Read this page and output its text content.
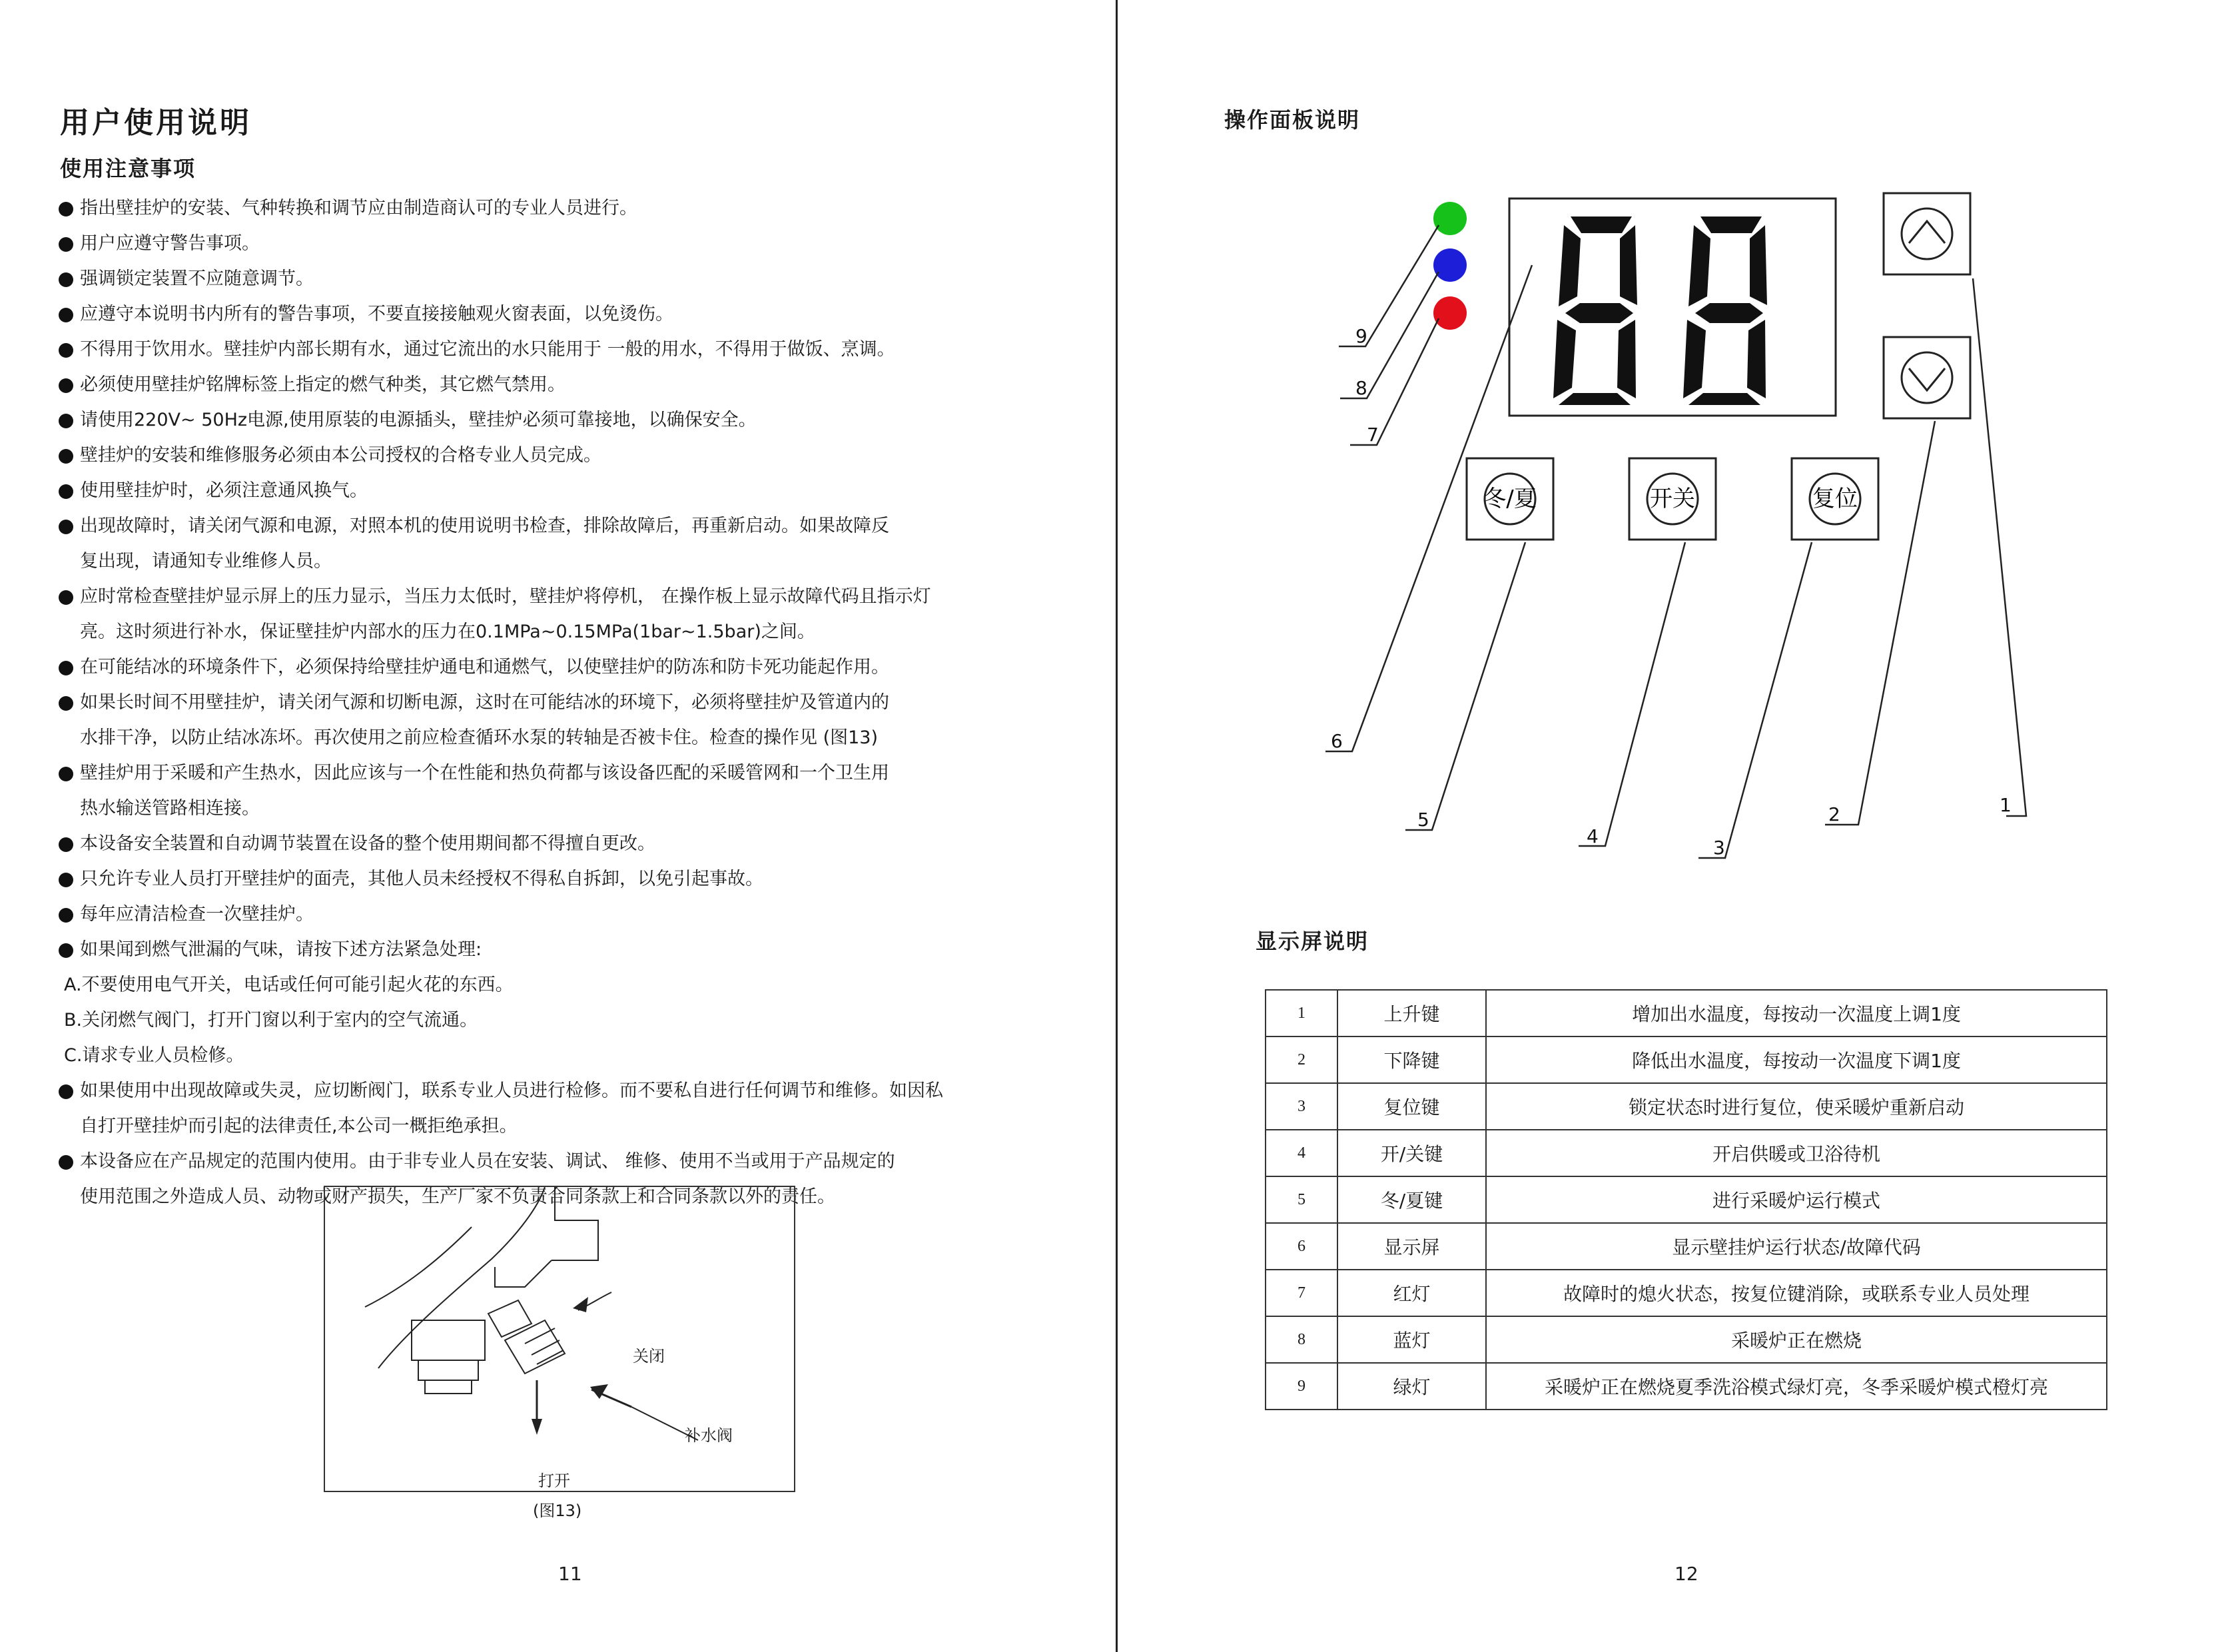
用户使用说明
使用注意事项
指出壁挂炉的安装、气种转换和调节应由制造商认可的专业人员进行。
用户应遵守警告事项。
强调锁定装置不应随意调节。
应遵守本说明书内所有的警告事项，不要直接接触观火窗表面，以免烫伤。
不得用于饮用水。壁挂炉内部长期有水，通过它流出的水只能用于 一般的用水，不得用于做饭、烹调。
必须使用壁挂炉铭牌标签上指定的燃气种类，其它燃气禁用。
请使用220V~ 50Hz电源,使用原装的电源插头，壁挂炉必须可靠接地，以确保安全。
壁挂炉的安装和维修服务必须由本公司授权的合格专业人员完成。
使用壁挂炉时，必须注意通风换气。
出现故障时，请关闭气源和电源，对照本机的使用说明书检查，排除故障后，再重新启动。如果故障反
复出现，请通知专业维修人员。
应时常检查壁挂炉显示屏上的压力显示，当压力太低时，壁挂炉将停机， 在操作板上显示故障代码且指示灯
亮。这时须进行补水，保证壁挂炉内部水的压力在0.1MPa~0.15MPa(1bar~1.5bar)之间。
在可能结冰的环境条件下，必须保持给壁挂炉通电和通燃气，以使壁挂炉的防冻和防卡死功能起作用。
如果长时间不用壁挂炉，请关闭气源和切断电源，这时在可能结冰的环境下，必须将壁挂炉及管道内的
水排干净，以防止结冰冻坏。再次使用之前应检查循环水泵的转轴是否被卡住。检查的操作见 (图13)
壁挂炉用于采暖和产生热水，因此应该与一个在性能和热负荷都与该设备匹配的采暖管网和一个卫生用
热水输送管路相连接。
本设备安全装置和自动调节装置在设备的整个使用期间都不得擅自更改。
只允许专业人员打开壁挂炉的面壳，其他人员未经授权不得私自拆卸，以免引起事故。
每年应清洁检查一次壁挂炉。
如果闻到燃气泄漏的气味，请按下述方法紧急处理:
A.不要使用电气开关，电话或任何可能引起火花的东西。
B.关闭燃气阀门，打开门窗以利于室内的空气流通。
C.请求专业人员检修。
如果使用中出现故障或失灵，应切断阀门，联系专业人员进行检修。而不要私自进行任何调节和维修。如因私
自打开壁挂炉而引起的法律责任,本公司一概拒绝承担。
本设备应在产品规定的范围内使用。由于非专业人员在安装、调试、 维修、使用不当或用于产品规定的
使用范围之外造成人员、动物或财产损失，生产厂家不负责合同条款上和合同条款以外的责任。
关闭
补水阀
打开
(图13)
11
操作面板说明
冬/夏	开关	复位
1
2
3
4
5
6
7
8
9
显示屏说明
1	上升键	增加出水温度，每按动一次温度上调1度
2	下降键	降低出水温度，每按动一次温度下调1度
3	复位键	锁定状态时进行复位，使采暖炉重新启动
4	开/关键	开启供暖或卫浴待机
5	冬/夏键	进行采暖炉运行模式
6	显示屏	显示壁挂炉运行状态/故障代码
7	红灯	故障时的熄火状态，按复位键消除，或联系专业人员处理
8	蓝灯	采暖炉正在燃烧
9	绿灯	采暖炉正在燃烧夏季洗浴模式绿灯亮，冬季采暖炉模式橙灯亮
12
